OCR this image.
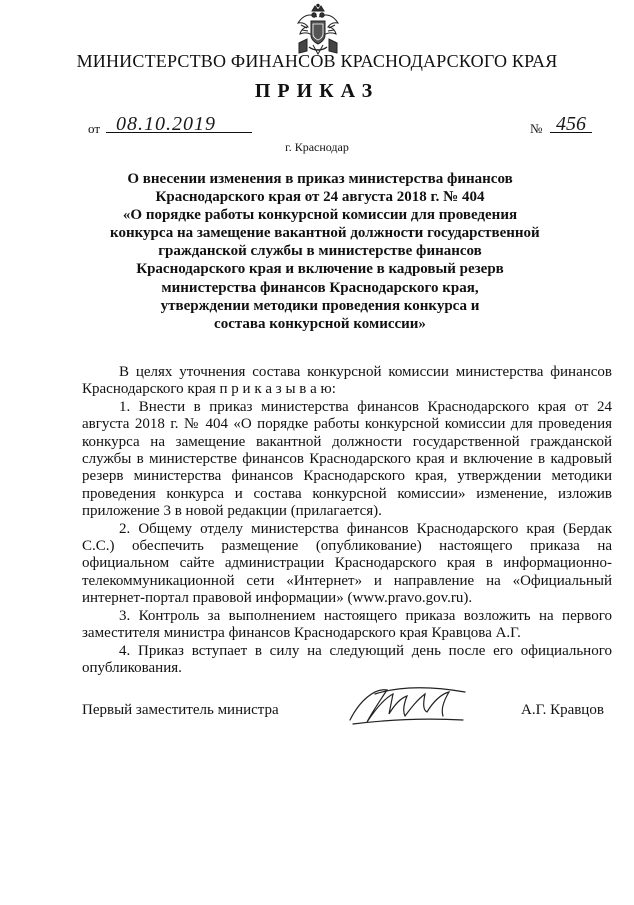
МИНИСТЕРСТВО ФИНАНСОВ КРАСНОДАРСКОГО КРАЯ
ПРИКАЗ
от 08.10.2019	№ 456
г. Краснодар
О внесении изменения в приказ министерства финансов
Краснодарского края от 24 августа 2018 г. № 404
«О порядке работы конкурсной комиссии для проведения
конкурса на замещение вакантной должности государственной
гражданской службы в министерстве финансов
Краснодарского края и включение в кадровый резерв
министерства финансов Краснодарского края,
утверждении методики проведения конкурса и
состава конкурсной комиссии»

В целях уточнения состава конкурсной комиссии министерства финансов Краснодарского края п р и к а з ы в а ю:

1. Внести в приказ министерства финансов Краснодарского края от 24 августа 2018 г. № 404 «О порядке работы конкурсной комиссии для проведения конкурса на замещение вакантной должности государственной гражданской службы в министерстве финансов Краснодарского края и включение в кадровый резерв министерства финансов Краснодарского края, утверждении методики проведения конкурса и состава конкурсной комиссии» изменение, изложив приложение 3 в новой редакции (прилагается).

2. Общему отделу министерства финансов Краснодарского края (Бердак С.С.) обеспечить размещение (опубликование) настоящего приказа на официальном сайте администрации Краснодарского края в информационно-телекоммуникационной сети «Интернет» и направление на «Официальный интернет-портал правовой информации» (www.pravo.gov.ru).

3. Контроль за выполнением настоящего приказа возложить на первого заместителя министра финансов Краснодарского края Кравцова А.Г.

4. Приказ вступает в силу на следующий день после его официального опубликования.

Первый заместитель министра	А.Г. Кравцов
